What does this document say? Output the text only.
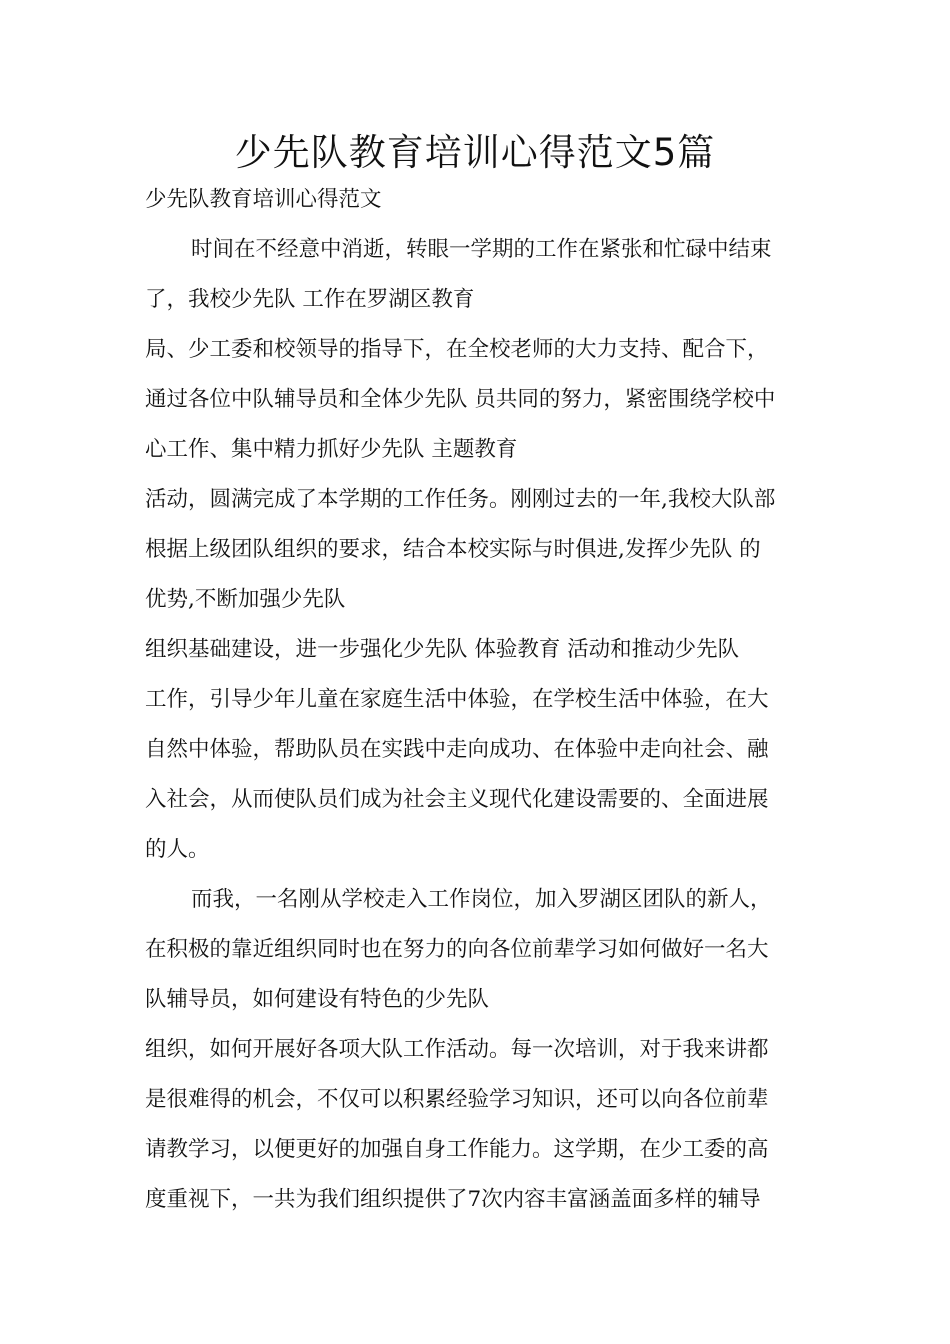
少先队教育培训心得范文5篇
少先队教育培训心得范文
时间在不经意中消逝，转眼一学期的工作在紧张和忙碌中结束
了，我校少先队 工作在罗湖区教育
局、少工委和校领导的指导下，在全校老师的大力支持、配合下，
通过各位中队辅导员和全体少先队 员共同的努力，紧密围绕学校中
心工作、集中精力抓好少先队 主题教育
活动，圆满完成了本学期的工作任务。刚刚过去的一年,我校大队部
根据上级团队组织的要求，结合本校实际与时俱进,发挥少先队 的
优势,不断加强少先队
组织基础建设，进一步强化少先队 体验教育 活动和推动少先队
工作，引导少年儿童在家庭生活中体验，在学校生活中体验，在大
自然中体验，帮助队员在实践中走向成功、在体验中走向社会、融
入社会，从而使队员们成为社会主义现代化建设需要的、全面进展
的人。
而我，一名刚从学校走入工作岗位，加入罗湖区团队的新人，
在积极的靠近组织同时也在努力的向各位前辈学习如何做好一名大
队辅导员，如何建设有特色的少先队
组织，如何开展好各项大队工作活动。每一次培训，对于我来讲都
是很难得的机会，不仅可以积累经验学习知识，还可以向各位前辈
请教学习，以便更好的加强自身工作能力。这学期，在少工委的高
度重视下，一共为我们组织提供了7次内容丰富涵盖面多样的辅导
